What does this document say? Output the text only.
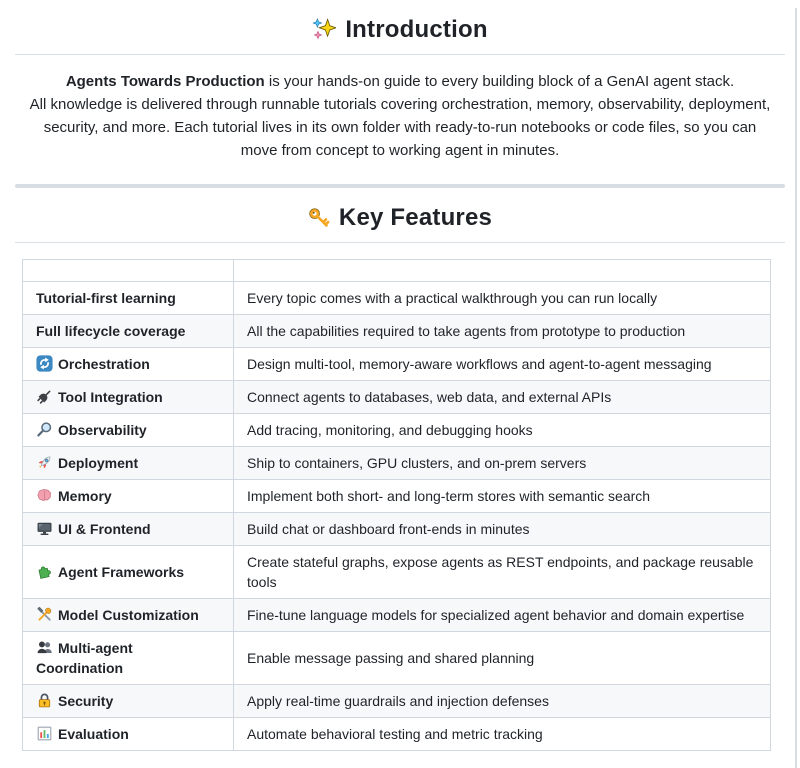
Introduction

Agents Towards Production is your hands-on guide to every building block of a GenAI agent stack.
All knowledge is delivered through runnable tutorials covering orchestration, memory, observability, deployment, security, and more. Each tutorial lives in its own folder with ready-to-run notebooks or code files, so you can move from concept to working agent in minutes.

Key Features

Tutorial-first learning	Every topic comes with a practical walkthrough you can run locally
Full lifecycle coverage	All the capabilities required to take agents from prototype to production

Orchestration	Design multi-tool, memory-aware workflows and agent-to-agent messaging

Tool Integration	Connect agents to databases, web data, and external APIs

Observability	Add tracing, monitoring, and debugging hooks

Deployment	Ship to containers, GPU clusters, and on-prem servers

Memory	Implement both short- and long-term stores with semantic search

UI & Frontend	Build chat or dashboard front-ends in minutes

Agent Frameworks	Create stateful graphs, expose agents as REST endpoints, and package reusable tools

Model Customization	Fine-tune language models for specialized agent behavior and domain expertise

Multi-agent Coordination	Enable message passing and shared planning

Security	Apply real-time guardrails and injection defenses

Evaluation	Automate behavioral testing and metric tracking
